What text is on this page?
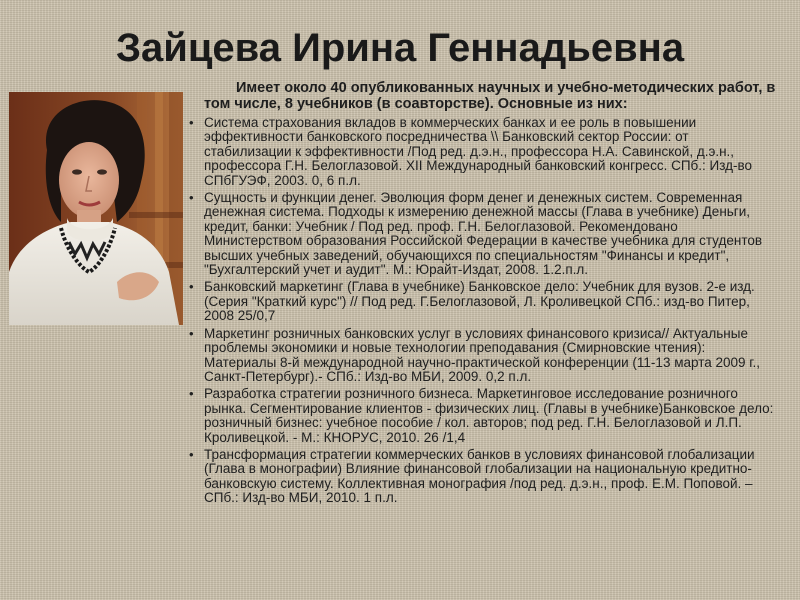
Зайцева Ирина Геннадьевна

Имеет около 40 опубликованных научных и учебно-методических работ, в том числе, 8 учебников (в соавторстве). Основные из них:

• Система страхования вкладов в коммерческих банках и ее роль в повышении эффективности банковского посредничества \\ Банковский сектор России: от стабилизации к эффективности /Под ред. д.э.н., профессора Н.А. Савинской, д.э.н., профессора Г.Н. Белоглазовой. XII Международный банковский конгресс. СПб.: Изд-во СПбГУЭФ, 2003. 0, 6 п.л.
• Сущность и функции денег. Эволюция форм денег и денежных систем. Современная денежная система. Подходы к измерению денежной массы (Глава в учебнике) Деньги, кредит, банки: Учебник / Под ред. проф. Г.Н. Белоглазовой. Рекомендовано Министерством образования Российской Федерации в качестве учебника для студентов высших учебных заведений, обучающихся по специальностям "Финансы и кредит", "Бухгалтерский учет и аудит". М.: Юрайт-Издат, 2008. 1.2.п.л.
• Банковский маркетинг (Глава в учебнике) Банковское дело: Учебник для вузов. 2-е изд. (Серия "Краткий курс") // Под ред. Г.Белоглазовой, Л. Кроливецкой СПб.: изд-во Питер, 2008 25/0,7
• Маркетинг розничных банковских услуг в условиях финансового кризиса// Актуальные проблемы экономики и новые технологии преподавания (Смирновские чтения): Материалы 8-й международной научно-практической конференции (11-13 марта 2009 г., Санкт-Петербург).- СПб.: Изд-во МБИ, 2009. 0,2 п.л.
• Разработка стратегии розничного бизнеса. Маркетинговое исследование розничного рынка. Сегментирование клиентов - физических лиц. (Главы в учебнике)Банковское дело: розничный бизнес: учебное пособие / кол. авторов; под ред. Г.Н. Белоглазовой и Л.П. Кроливецкой. - М.: КНОРУС, 2010. 26 /1,4
• Трансформация стратегии коммерческих банков в условиях финансовой глобализации (Глава в монографии) Влияние финансовой глобализации на национальную кредитно-банковскую систему. Коллективная монография /под ред. д.э.н., проф. Е.М. Поповой. – СПб.: Изд-во МБИ, 2010. 1 п.л.
